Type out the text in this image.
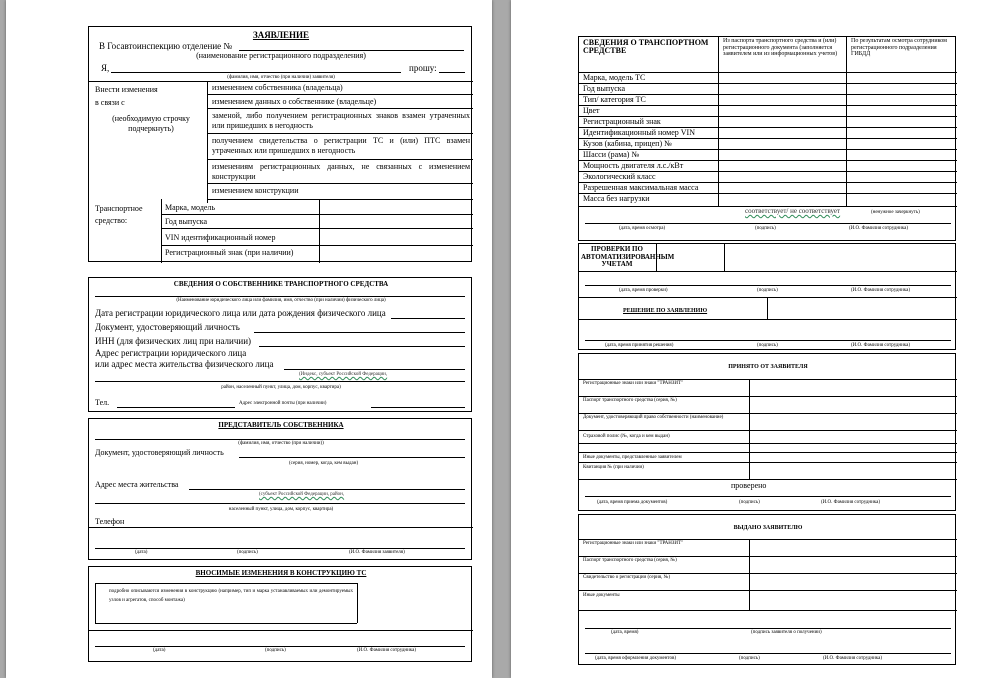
ЗАЯВЛЕНИЕ
В Госавтоинспекцию отделение №
(наименование регистрационного подразделения)
Я,	прошу:
(фамилия, имя, отчество (при наличии) заявителя)
Внести изменения
в связи с
(необходимую строчку подчеркнуть)
изменением собственника (владельца)
изменением данных о собственнике (владельце)
заменой, либо получением регистрационных знаков взамен утраченных или пришедших в негодность
получением свидетельства о регистрации ТС и (или) ПТС взамен утраченных или пришедших в негодность
изменениям регистрационных данных, не связанных с изменением конструкции
изменением конструкции
Транспортное средство:
Марка, модель
Год выпуска
VIN идентификационный номер
Регистрационный знак (при наличии)
СВЕДЕНИЯ О СОБСТВЕННИКЕ ТРАНСПОРТНОГО СРЕДСТВА
(Наименование юридического лица или фамилия, имя, отчество (при наличии) физического лица)
Дата регистрации юридического лица или дата рождения физического лица
Документ, удостоверяющий личность
ИНН (для физических лиц при наличии)
Адрес регистрации юридического лица
или адрес места жительства физического лица
(Индекс, субъект Российской Федерации,
район, населенный пункт, улица, дом, корпус, квартира)
Тел.	Адрес электронной почты (при наличии)
ПРЕДСТАВИТЕЛЬ СОБСТВЕННИКА
(фамилия, имя, отчество (при наличии))
Документ, удостоверяющий личность
(серия, номер, когда, кем выдан)
Адрес места жительства
(субъект Российской Федерации, район,
населенный пункт, улица, дом, корпус, квартира)
Телефон
(дата)	(подпись)	(И.О. Фамилия заявителя)
ВНОСИМЫЕ ИЗМЕНЕНИЯ В КОНСТРУКЦИЮ ТС
подробно описываются изменения в конструкцию (например, тип и марка устанавливаемых или демонтируемых узлов и агрегатов, способ монтажа)
(дата)	(подпись)	(И.О. Фамилия сотрудника)
СВЕДЕНИЯ О ТРАНСПОРТНОМ СРЕДСТВЕ
Из паспорта транспортного средства и (или) регистрационного документа (заполняется заявителем или из информационных учетов)
По результатам осмотра сотрудником регистрационного подразделения ГИБДД
Марка, модель ТС
Год выпуска
Тип/ категория ТС
Цвет
Регистрационный знак
Идентификационный номер VIN
Кузов (кабина, прицеп) №
Шасси (рама) №
Мощность двигателя л.с./кВт
Экологический класс
Разрешенная максимальная масса
Масса без нагрузки
соответствует/ не соответствует	(ненужное зачеркнуть)
(дата, время осмотра)	(подпись)	(И.О. Фамилия сотрудника)
ПРОВЕРКИ ПО АВТОМАТИЗИРОВАННЫМ УЧЕТАМ
(дата, время проверки)	(подпись)	(И.О. Фамилия сотрудника)
РЕШЕНИЕ ПО ЗАЯВЛЕНИЮ
(дата, время принятия решения)	(подпись)	(И.О. Фамилия сотрудника)
ПРИНЯТО ОТ ЗАЯВИТЕЛЯ
Регистрационные знаки или знаки "ТРАНЗИТ"
Паспорт транспортного средства (серия, №)
Документ, удостоверяющий право собственности (наименование)
Страховой полис (№, когда и кем выдан)
Иные документы, представленные заявителем
Квитанция № (при наличии)
проверено
(дата, время приема документов)	(подпись)	(И.О. Фамилия сотрудника)
ВЫДАНО ЗАЯВИТЕЛЮ
Регистрационные знаки или знаки "ТРАНЗИТ"
Паспорт транспортного средства (серия, №)
Свидетельство о регистрации (серия, №)
Иные документы
(дата, время)	(подпись заявителя о получении)
(дата, время оформления документов)	(подпись)	(И.О. Фамилия сотрудника)
